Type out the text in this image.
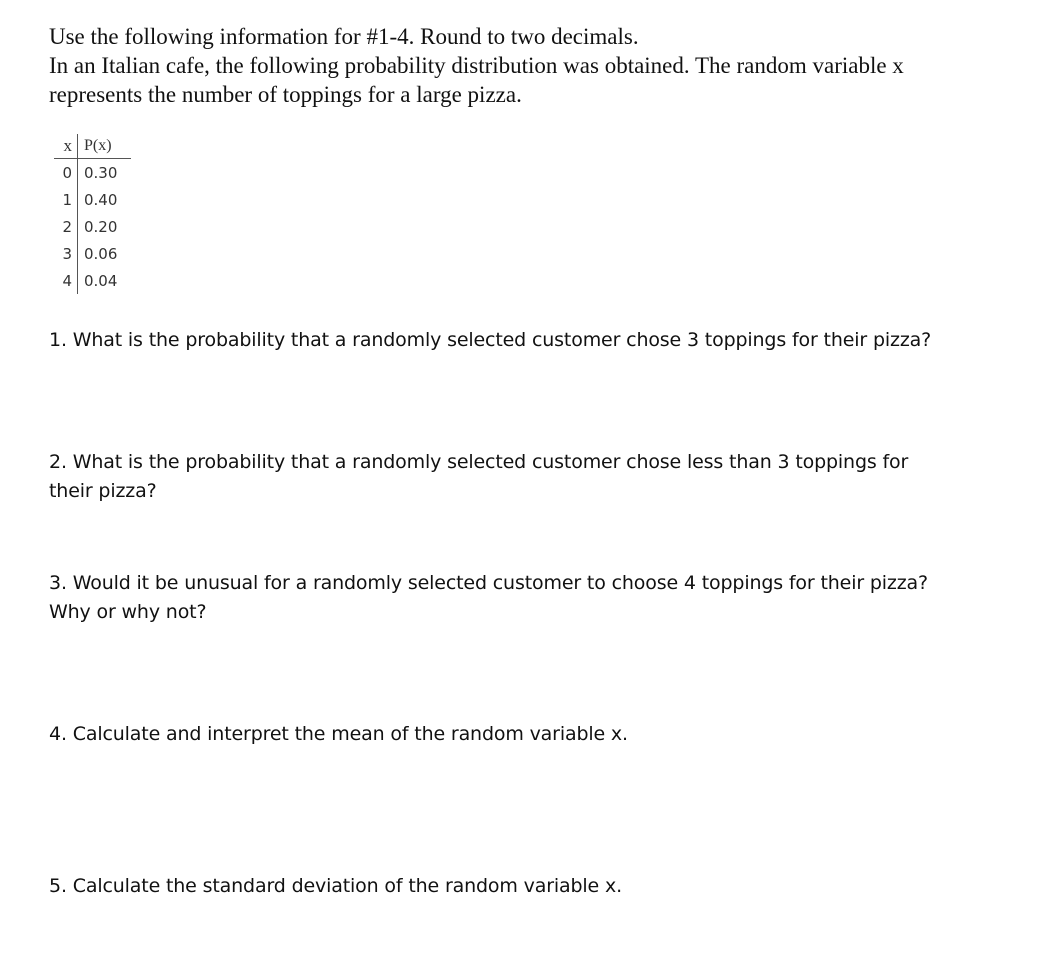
Use the following information for #1-4. Round to two decimals.
In an Italian cafe, the following probability distribution was obtained. The random variable x
represents the number of toppings for a large pizza.
x P(x)
0 0.30
1 0.40
2 0.20
3 0.06
4 0.04
1. What is the probability that a randomly selected customer chose 3 toppings for their pizza?
2. What is the probability that a randomly selected customer chose less than 3 toppings for
their pizza?
3. Would it be unusual for a randomly selected customer to choose 4 toppings for their pizza?
Why or why not?
4. Calculate and interpret the mean of the random variable x.
5. Calculate the standard deviation of the random variable x.
